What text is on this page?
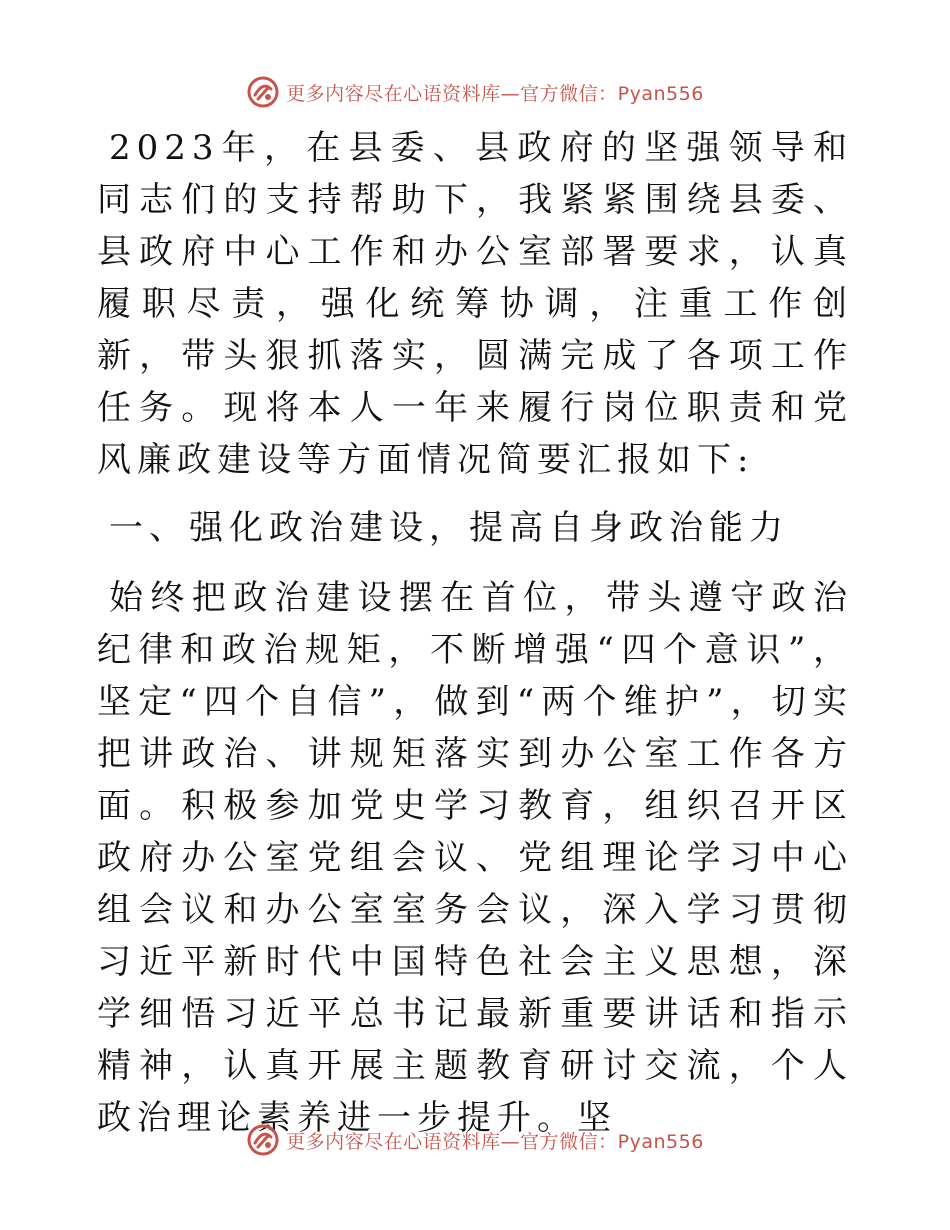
更多内容尽在心语资料库—官方微信：Pyan556

2023年，在县委、县政府的坚强领导和同志们的支持帮助下，我紧紧围绕县委、县政府中心工作和办公室部署要求，认真履职尽责，强化统筹协调，注重工作创新，带头狠抓落实，圆满完成了各项工作任务。现将本人一年来履行岗位职责和党风廉政建设等方面情况简要汇报如下:

一、强化政治建设，提高自身政治能力

始终把政治建设摆在首位，带头遵守政治纪律和政治规矩，不断增强“四个意识”，坚定“四个自信”，做到“两个维护”，切实把讲政治、讲规矩落实到办公室工作各方面。积极参加党史学习教育，组织召开区政府办公室党组会议、党组理论学习中心组会议和办公室室务会议，深入学习贯彻习近平新时代中国特色社会主义思想，深学细悟习近平总书记最新重要讲话和指示精神，认真开展主题教育研讨交流，个人政治理论素养进一步提升。坚

更多内容尽在心语资料库—官方微信：Pyan556
